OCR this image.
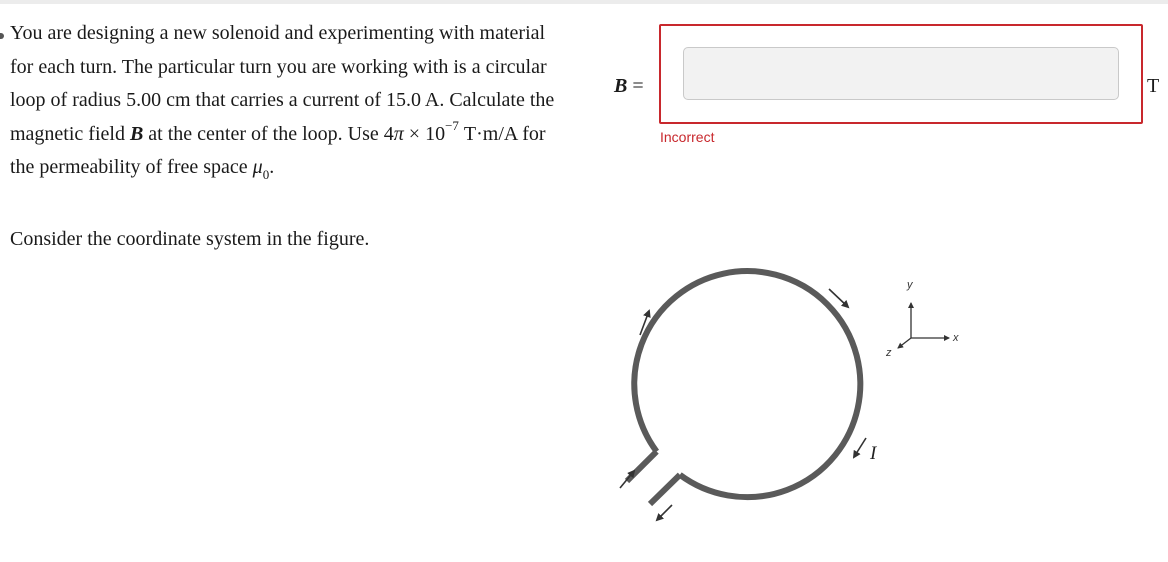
You are designing a new solenoid and experimenting with material for each turn. The particular turn you are working with is a circular loop of radius 5.00 cm that carries a current of 15.0 A. Calculate the magnetic field B at the center of the loop. Use $4\pi \times 10^{-7}$ T·m/A for the permeability of free space $\mu_0$.

Consider the coordinate system in the figure.

B =	T
Incorrect
I
y
x
z
